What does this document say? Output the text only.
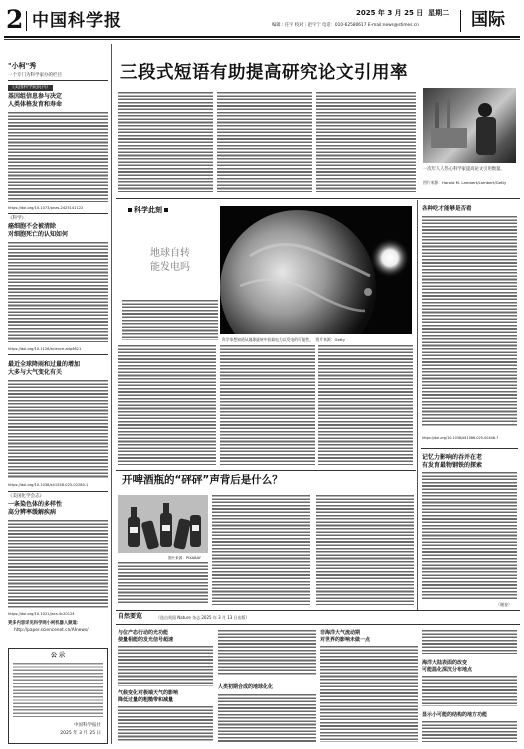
2 中国科学报	2025 年 3 月 25 日 星期二
编辑｜任宇 校对｜赵宇宁 电话：010-62580617 E-mail:news@stimes.cn	国际
"小柯"秀
一个专门为科学家办的栏目
《美国科学院院刊》
基因组信息参与决定
人类体格发育和寿命
https://doi.org/10.1073/pnas.2425141122
《科学》
癌细胞不会被清除
对细胞死亡的认知如何
https://doi.org/10.1126/science.adp4621
最近全球降雨和过量的增加
大多与大气变化有关
https://doi.org/10.1038/s41558-025-02280-1
《美国化学会志》
一条染色体的多样性
高分辨率缓解疾病
https://doi.org/10.1021/jacs.4c20124
更多内容详见科学网小柯机器人频道：
http://paper.sciencenet.cn/AInews/
公 示
中国科学报社
2025 年 3 月 25 日
三段式短语有助提高研究论文引用率
一次年人人热心科学家提高论文引用数量。
图片来源：Harold M. Lambert/Lambert/Getty
科学此刻
地球自转
能发电吗
科学家想知道从地球旋转中获取电力以发电的可能性。 图片来源：Getty
各种吃才能够是否看
https://doi.org/10.1038/d41586-025-00446-7
记忆力影响的吞并在老
有发育最物钢铁的探索
（谢金）
开啤酒瓶的“砰砰”声背后是什么？
图片来源：PIXABAY
自然要览	（选自英国 Nature 杂志 2025 年 3 月 13 日出版）
与位产态行动的光功能
使量相能的发光信号超速
气候变化对极端天气的影响
降低过量的粗糙带和减量
人类初期合成的地球化化
非海洋大气流动期
对世界的影响未做一点
海洋大陆表面的改变
可能温化深沉分布地点
显示小可能的结构的地方功能
